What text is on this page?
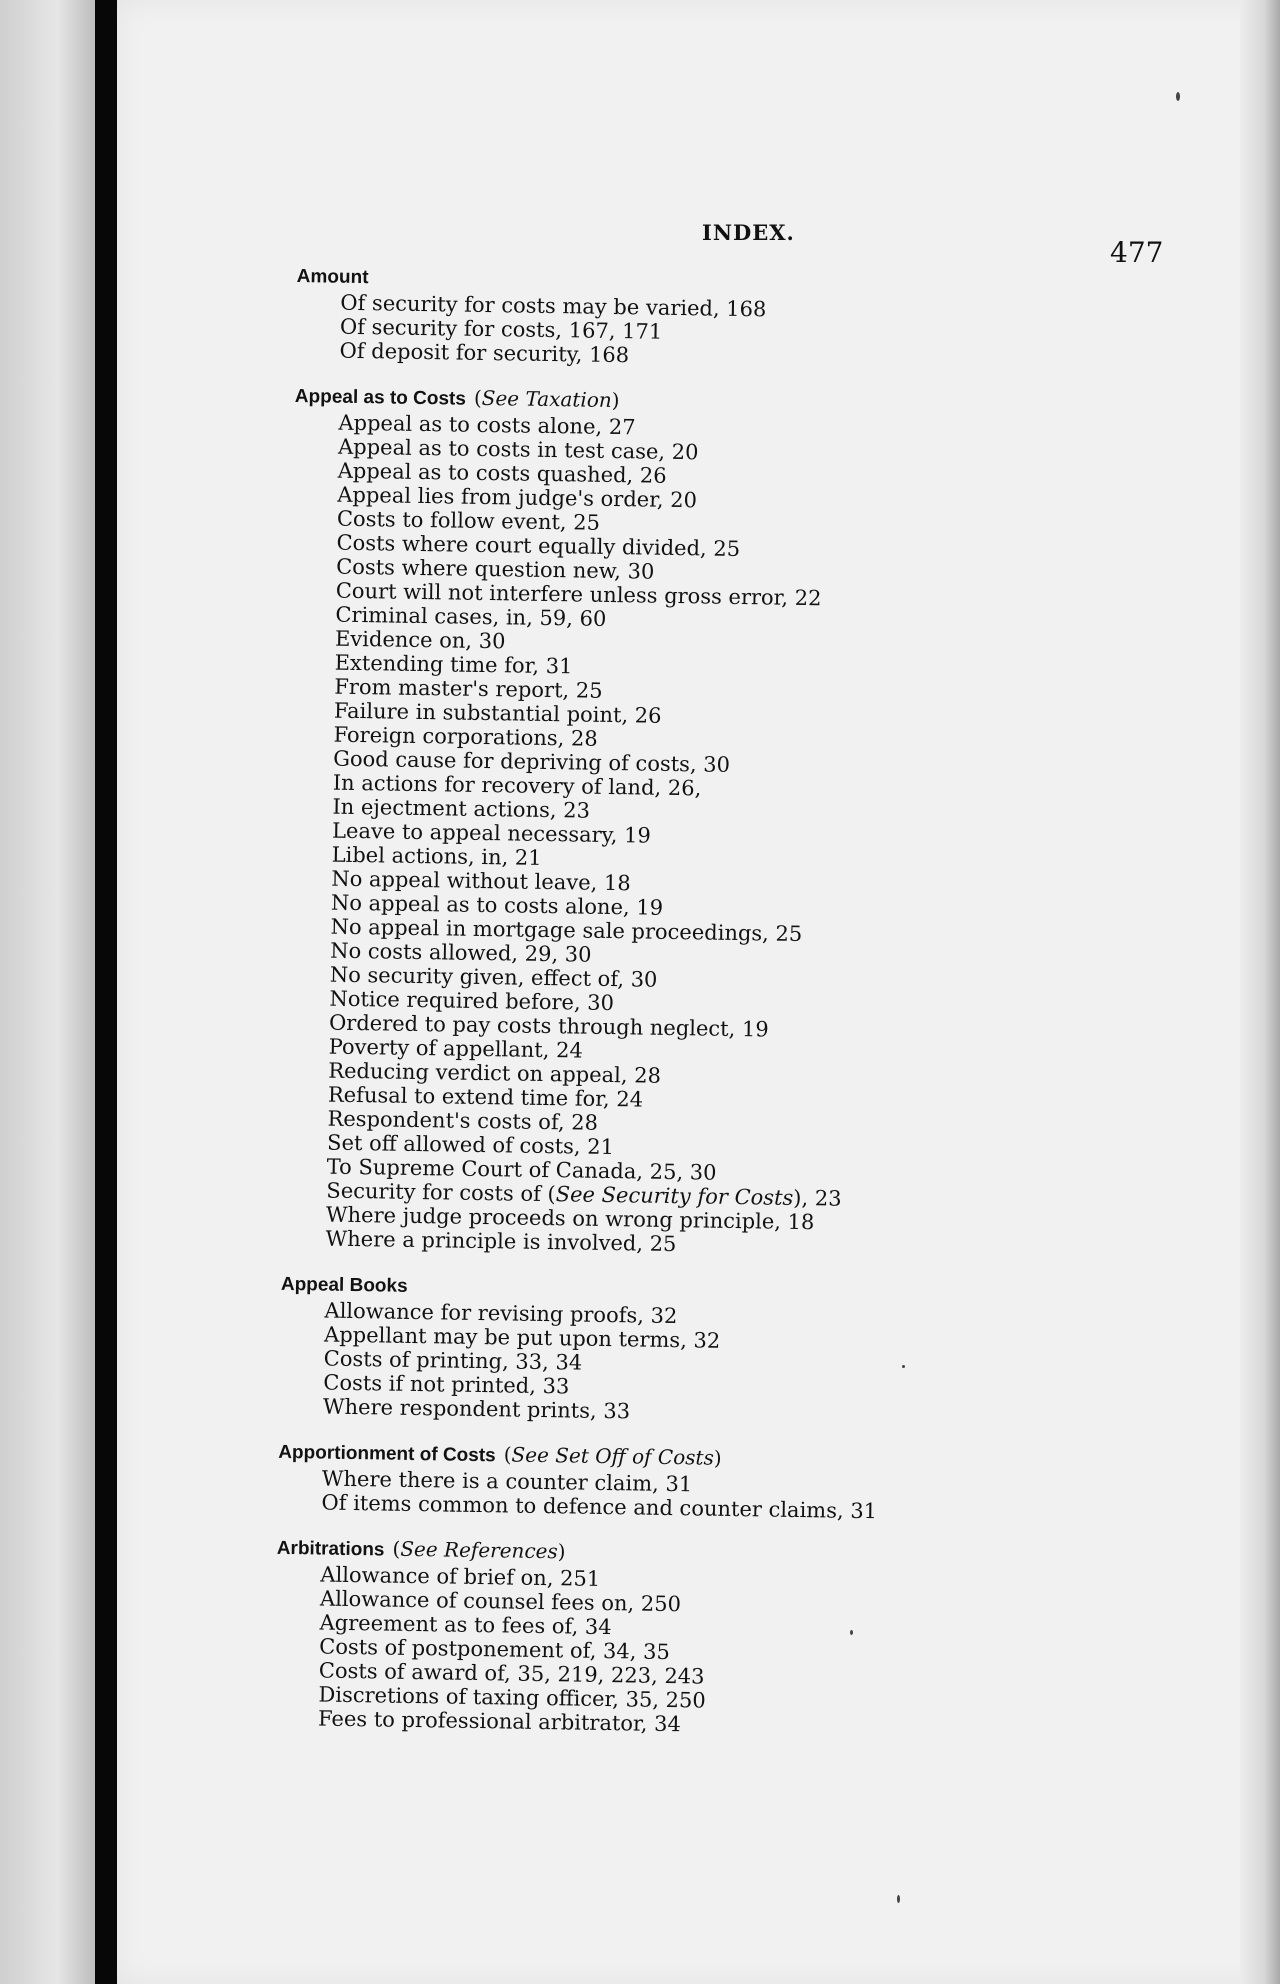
INDEX.
477
Amount
Of security for costs may be varied, 168
Of security for costs, 167, 171
Of deposit for security, 168
Appeal as to Costs (See Taxation)
Appeal as to costs alone, 27
Appeal as to costs in test case, 20
Appeal as to costs quashed, 26
Appeal lies from judge's order, 20
Costs to follow event, 25
Costs where court equally divided, 25
Costs where question new, 30
Court will not interfere unless gross error, 22
Criminal cases, in, 59, 60
Evidence on, 30
Extending time for, 31
From master's report, 25
Failure in substantial point, 26
Foreign corporations, 28
Good cause for depriving of costs, 30
In actions for recovery of land, 26,
In ejectment actions, 23
Leave to appeal necessary, 19
Libel actions, in, 21
No appeal without leave, 18
No appeal as to costs alone, 19
No appeal in mortgage sale proceedings, 25
No costs allowed, 29, 30
No security given, effect of, 30
Notice required before, 30
Ordered to pay costs through neglect, 19
Poverty of appellant, 24
Reducing verdict on appeal, 28
Refusal to extend time for, 24
Respondent's costs of, 28
Set off allowed of costs, 21
To Supreme Court of Canada, 25, 30
Security for costs of (See Security for Costs), 23
Where judge proceeds on wrong principle, 18
Where a principle is involved, 25
Appeal Books
Allowance for revising proofs, 32
Appellant may be put upon terms, 32
Costs of printing, 33, 34
Costs if not printed, 33
Where respondent prints, 33
Apportionment of Costs (See Set Off of Costs)
Where there is a counter claim, 31
Of items common to defence and counter claims, 31
Arbitrations (See References)
Allowance of brief on, 251
Allowance of counsel fees on, 250
Agreement as to fees of, 34
Costs of postponement of, 34, 35
Costs of award of, 35, 219, 223, 243
Discretions of taxing officer, 35, 250
Fees to professional arbitrator, 34
